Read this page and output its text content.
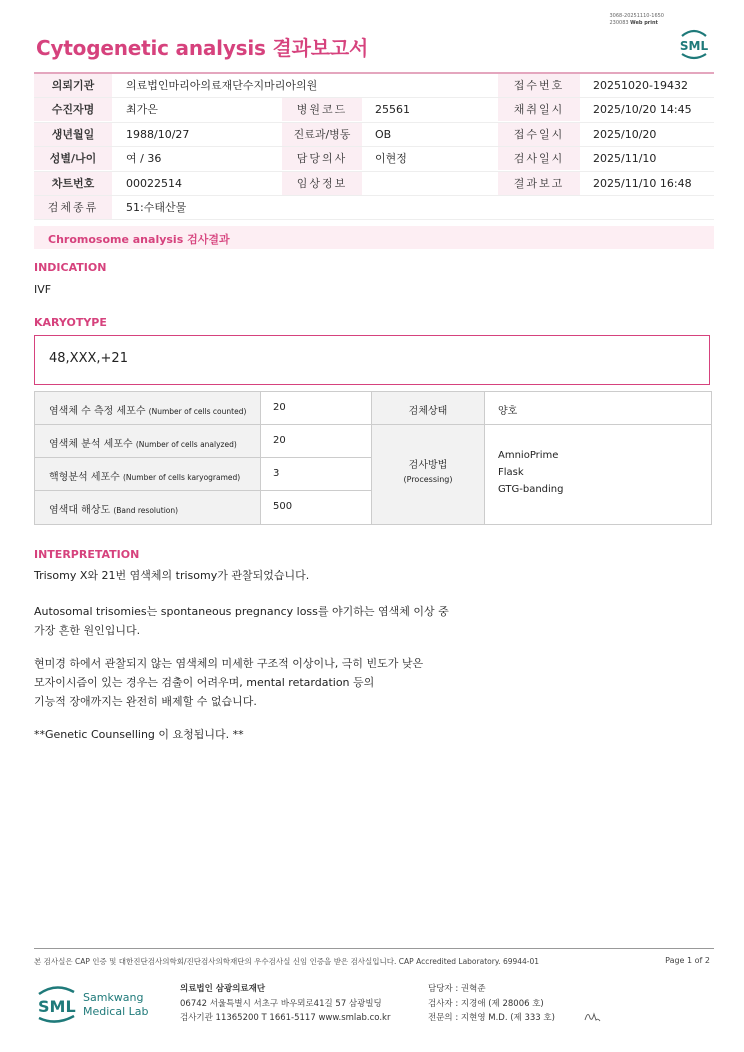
3068-20251110-1650
230083 Web print
Cytogenetic analysis 결과보고서	SML
의뢰기관	의료법인마리아의료재단수지마리아의원	접수번호	20251020-19432
수진자명	최가은	병원코드	25561	채취일시	2025/10/20 14:45
생년월일	1988/10/27	진료과/병동	OB	접수일시	2025/10/20
성별/나이	여 / 36	담당의사	이현정	검사일시	2025/11/10
차트번호	00022514	임상정보	결과보고	2025/11/10 16:48
검체종류	51:수태산물
Chromosome analysis 검사결과
INDICATION
IVF
KARYOTYPE
48,XXX,+21
염색체 수 측정 세포수 (Number of cells counted)	20	검체상태	양호
염색체 분석 세포수 (Number of cells analyzed)	20
핵형분석 세포수 (Number of cells karyogramed)	3
염색대 해상도 (Band resolution)	500
검사방법
(Processing)
AmnioPrime
Flask
GTG-banding
INTERPRETATION

Trisomy X와 21번 염색체의 trisomy가 관찰되었습니다.

Autosomal trisomies는 spontaneous pregnancy loss를 야기하는 염색체 이상 중

가장 흔한 원인입니다.

현미경 하에서 관찰되지 않는 염색체의 미세한 구조적 이상이나, 극히 빈도가 낮은

모자이시즘이 있는 경우는 검출이 어려우며, mental retardation 등의

기능적 장애까지는 완전히 배제할 수 없습니다.

**Genetic Counselling 이 요청됩니다. **

본 검사실은 CAP 인증 및 대한진단검사의학회/진단검사의학재단의 우수검사실 신임 인증을 받은 검사실입니다. CAP Accredited Laboratory. 69944-01	Page 1 of 2
SML Samkwang
Medical Lab
의료법인 삼광의료재단
06742 서울특별시 서초구 바우뫼로41길 57 삼광빌딩
검사기관 11365200 T 1661-5117 www.smlab.co.kr
담당자 : 권혁준
검사자 : 지경애 (제 28006 호)
전문의 : 지현영 M.D. (제 333 호)
